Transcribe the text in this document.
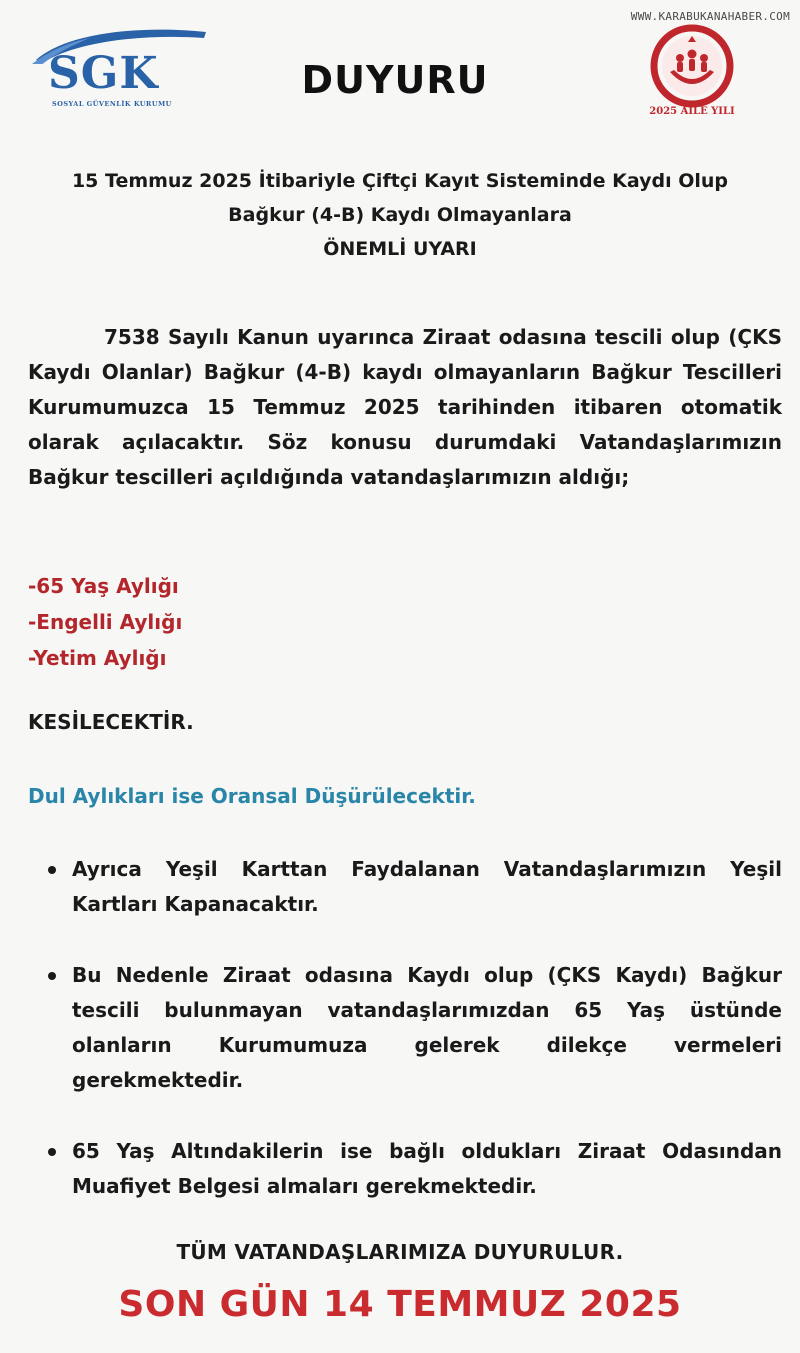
WWW.KARABUKANAHABER.COM
SGK
SOSYAL GÜVENLİK KURUMU
DUYURU
2025 AİLE YILI
15 Temmuz 2025 İtibariyle Çiftçi Kayıt Sisteminde Kaydı Olup
Bağkur (4-B) Kaydı Olmayanlara
ÖNEMLİ UYARI
7538 Sayılı Kanun uyarınca Ziraat odasına tescili olup (ÇKS Kaydı Olanlar) Bağkur (4-B) kaydı olmayanların Bağkur Tescilleri Kurumumuzca 15 Temmuz 2025 tarihinden itibaren otomatik olarak açılacaktır. Söz konusu durumdaki Vatandaşlarımızın Bağkur tescilleri açıldığında vatandaşlarımızın aldığı;
-65 Yaş Aylığı
-Engelli Aylığı
-Yetim Aylığı
KESİLECEKTİR.
Dul Aylıkları ise Oransal Düşürülecektir.
Ayrıca Yeşil Karttan Faydalanan Vatandaşlarımızın Yeşil Kartları Kapanacaktır.
Bu Nedenle Ziraat odasına Kaydı olup (ÇKS Kaydı) Bağkur tescili bulunmayan vatandaşlarımızdan 65 Yaş üstünde olanların Kurumumuza gelerek dilekçe vermeleri gerekmektedir.
65 Yaş Altındakilerin ise bağlı oldukları Ziraat Odasından Muafiyet Belgesi almaları gerekmektedir.
TÜM VATANDAŞLARIMIZA DUYURULUR.
SON GÜN 14 TEMMUZ 2025
